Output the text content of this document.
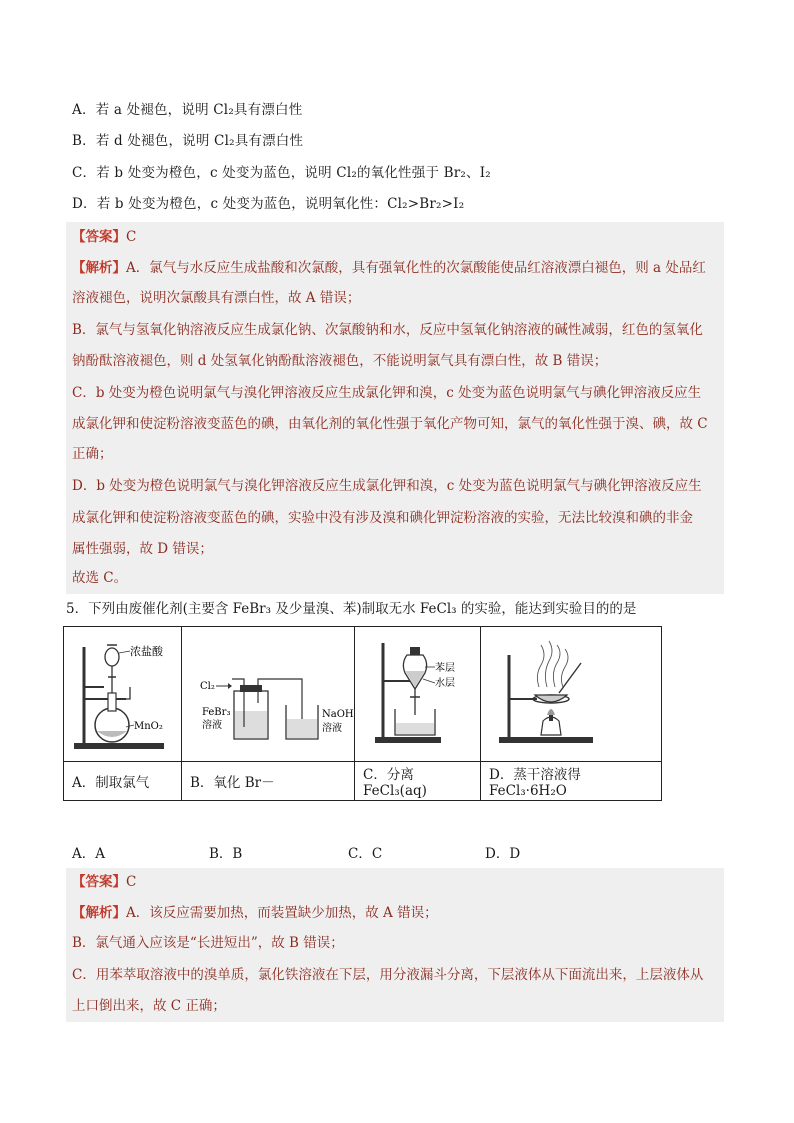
A．若 a 处褪色，说明 Cl₂具有漂白性
B．若 d 处褪色，说明 Cl₂具有漂白性
C．若 b 处变为橙色，c 处变为蓝色，说明 Cl₂的氧化性强于 Br₂、I₂
D．若 b 处变为橙色，c 处变为蓝色，说明氧化性：Cl₂>Br₂>I₂
【答案】C
【解析】A．氯气与水反应生成盐酸和次氯酸，具有强氧化性的次氯酸能使品红溶液漂白褪色，则 a 处品红
溶液褪色，说明次氯酸具有漂白性，故 A 错误；
B．氯气与氢氧化钠溶液反应生成氯化钠、次氯酸钠和水，反应中氢氧化钠溶液的碱性减弱，红色的氢氧化
钠酚酞溶液褪色，则 d 处氢氧化钠酚酞溶液褪色，不能说明氯气具有漂白性，故 B 错误；
C．b 处变为橙色说明氯气与溴化钾溶液反应生成氯化钾和溴，c 处变为蓝色说明氯气与碘化钾溶液反应生
成氯化钾和使淀粉溶液变蓝色的碘，由氧化剂的氧化性强于氧化产物可知，氯气的氧化性强于溴、碘，故 C
正确；
D．b 处变为橙色说明氯气与溴化钾溶液反应生成氯化钾和溴，c 处变为蓝色说明氯气与碘化钾溶液反应生
成氯化钾和使淀粉溶液变蓝色的碘，实验中没有涉及溴和碘化钾淀粉溶液的实验，无法比较溴和碘的非金
属性强弱，故 D 错误；
故选 C。
5．下列由废催化剂(主要含 FeBr₃ 及少量溴、苯)制取无水 FeCl₃ 的实验，能达到实验目的的是
浓盐酸
MnO₂	Cl₂
FeBr₃
溶液
NaOH
溶液	苯层
水层

A．制取氯气	B．氧化 Br－	C．分离 FeCl₃(aq)	D．蒸干溶液得 FeCl₃·6H₂O
A．A	B．B	C．C	D．D
【答案】C
【解析】A．该反应需要加热，而装置缺少加热，故 A 错误；
B．氯气通入应该是“长进短出”，故 B 错误；
C．用苯萃取溶液中的溴单质，氯化铁溶液在下层，用分液漏斗分离，下层液体从下面流出来，上层液体从
上口倒出来，故 C 正确；
